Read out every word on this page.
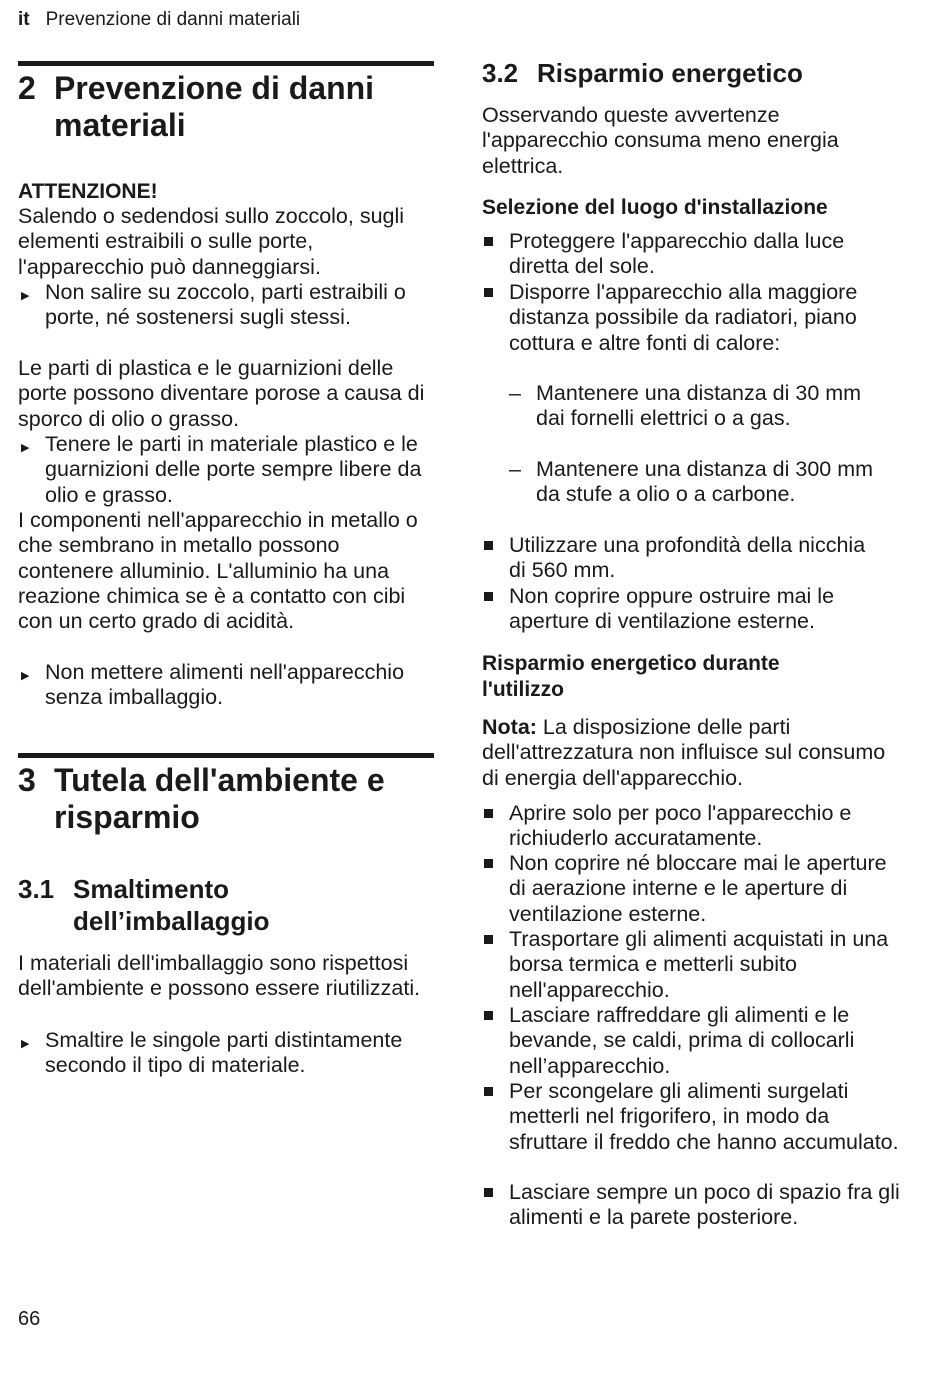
it Prevenzione di danni materiali
2 Prevenzione di danni materiali
ATTENZIONE!
Salendo o sedendosi sullo zoccolo, sugli elementi estraibili o sulle porte, l'apparecchio può danneggiarsi.
▶ Non salire su zoccolo, parti estraibili o porte, né sostenersi sugli stessi.
Le parti di plastica e le guarnizioni delle porte possono diventare porose a causa di sporco di olio o grasso.
▶ Tenere le parti in materiale plastico e le guarnizioni delle porte sempre libere da olio e grasso.
I componenti nell'apparecchio in metallo o che sembrano in metallo possono contenere alluminio. L'alluminio ha una reazione chimica se è a contatto con cibi con un certo grado di acidità.
▶ Non mettere alimenti nell'apparecchio senza imballaggio.
3 Tutela dell'ambiente e risparmio
3.1 Smaltimento dell’imballaggio
I materiali dell'imballaggio sono rispettosi dell'ambiente e possono essere riutilizzati.
▶ Smaltire le singole parti distintamente secondo il tipo di materiale.
3.2 Risparmio energetico
Osservando queste avvertenze l'apparecchio consuma meno energia elettrica.
Selezione del luogo d'installazione
Proteggere l'apparecchio dalla luce diretta del sole.
Disporre l'apparecchio alla maggiore distanza possibile da radiatori, piano cottura e altre fonti di calore:
– Mantenere una distanza di 30 mm dai fornelli elettrici o a gas.
– Mantenere una distanza di 300 mm da stufe a olio o a carbone.
Utilizzare una profondità della nicchia di 560 mm.
Non coprire oppure ostruire mai le aperture di ventilazione esterne.
Risparmio energetico durante l'utilizzo
Nota: La disposizione delle parti dell'attrezzatura non influisce sul consumo di energia dell'apparecchio.
Aprire solo per poco l'apparecchio e richiuderlo accuratamente.
Non coprire né bloccare mai le aperture di aerazione interne e le aperture di ventilazione esterne.
Trasportare gli alimenti acquistati in una borsa termica e metterli subito nell'apparecchio.
Lasciare raffreddare gli alimenti e le bevande, se caldi, prima di collocarli nell’apparecchio.
Per scongelare gli alimenti surgelati metterli nel frigorifero, in modo da sfruttare il freddo che hanno accumulato.
Lasciare sempre un poco di spazio fra gli alimenti e la parete posteriore.
66
